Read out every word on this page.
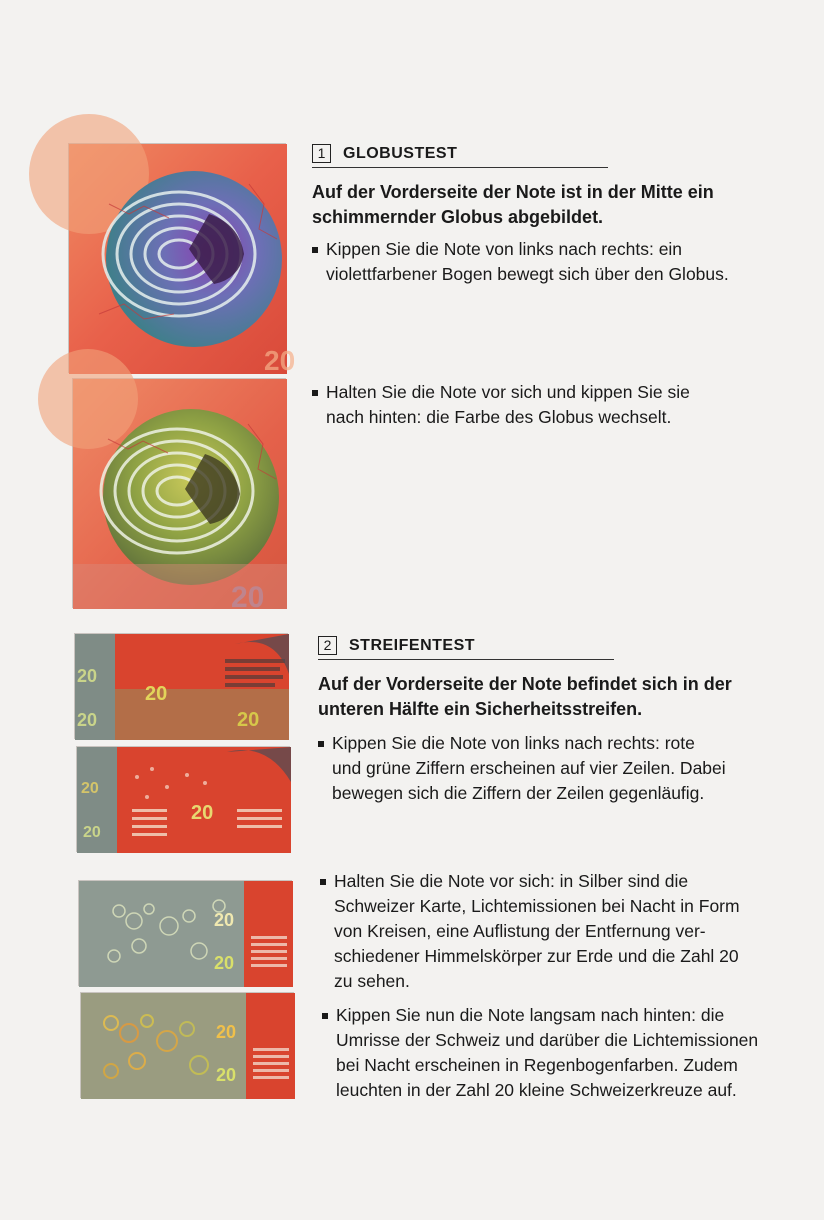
20
20
1	GLOBUSTEST
Auf der Vorderseite der Note ist in der Mitte ein schimmernder Globus abgebildet.
Kippen Sie die Note von links nach rechts: ein
violettfarbener Bogen bewegt sich über den Globus.
Halten Sie die Note vor sich und kippen Sie sie
nach hinten: die Farbe des Globus wechselt.
20
20
20
20
20
20
20
20
20
20
20
2	STREIFENTEST
Auf der Vorderseite der Note befindet sich in der unteren Hälfte ein Sicherheitsstreifen.
Kippen Sie die Note von links nach rechts: rote
und grüne Ziffern erscheinen auf vier Zeilen. Dabei
bewegen sich die Ziffern der Zeilen gegenläufig.
Halten Sie die Note vor sich: in Silber sind die
Schweizer Karte, Lichtemissionen bei Nacht in Form
von Kreisen, eine Auflistung der Entfernung ver-
schiedener Himmelskörper zur Erde und die Zahl 20
zu sehen.
Kippen Sie nun die Note langsam nach hinten: die
Umrisse der Schweiz und darüber die Lichtemissionen
bei Nacht erscheinen in Regenbogenfarben. Zudem
leuchten in der Zahl 20 kleine Schweizerkreuze auf.
